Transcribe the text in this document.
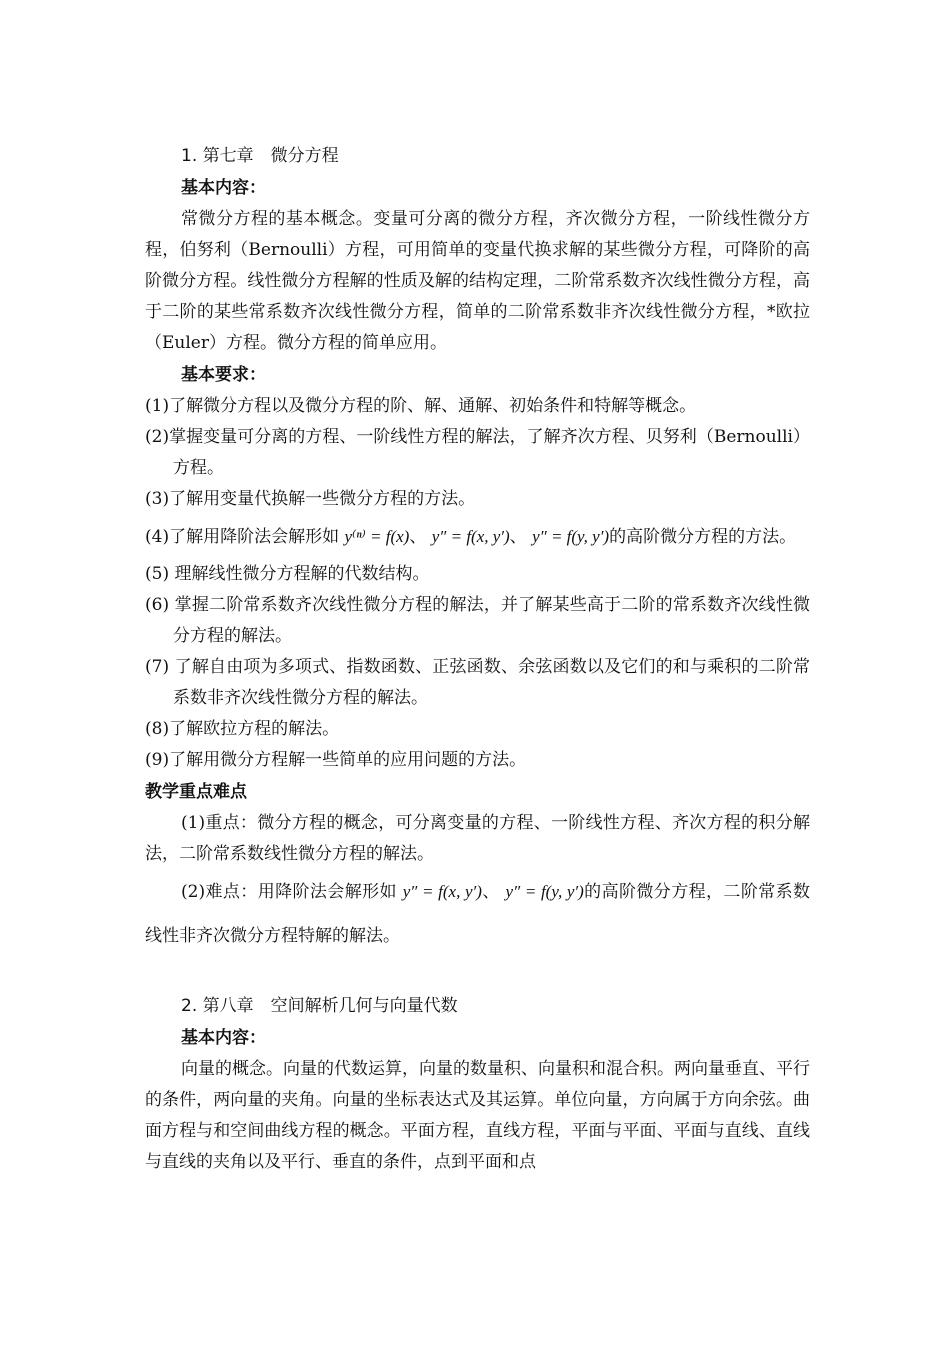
1. 第七章　微分方程
基本内容：
常微分方程的基本概念。变量可分离的微分方程，齐次微分方程，一阶线性微分方程，伯努利（Bernoulli）方程，可用简单的变量代换求解的某些微分方程，可降阶的高阶微分方程。线性微分方程解的性质及解的结构定理，二阶常系数齐次线性微分方程，高于二阶的某些常系数齐次线性微分方程，简单的二阶常系数非齐次线性微分方程，*欧拉（Euler）方程。微分方程的简单应用。
基本要求：
(1)了解微分方程以及微分方程的阶、解、通解、初始条件和特解等概念。
(2)掌握变量可分离的方程、一阶线性方程的解法，了解齐次方程、贝努利（Bernoulli）方程。
(3)了解用变量代换解一些微分方程的方法。
(4)了解用降阶法会解形如 y⁽ⁿ⁾ = f(x)、 y″ = f(x, y′)、 y″ = f(y, y′)的高阶微分方程的方法。
(5) 理解线性微分方程解的代数结构。
(6) 掌握二阶常系数齐次线性微分方程的解法，并了解某些高于二阶的常系数齐次线性微分方程的解法。
(7) 了解自由项为多项式、指数函数、正弦函数、余弦函数以及它们的和与乘积的二阶常系数非齐次线性微分方程的解法。
(8)了解欧拉方程的解法。
(9)了解用微分方程解一些简单的应用问题的方法。
教学重点难点
(1)重点：微分方程的概念，可分离变量的方程、一阶线性方程、齐次方程的积分解法，二阶常系数线性微分方程的解法。
(2)难点：用降阶法会解形如 y″ = f(x, y′)、 y″ = f(y, y′)的高阶微分方程，二阶常系数线性非齐次微分方程特解的解法。
2. 第八章　空间解析几何与向量代数
基本内容：
向量的概念。向量的代数运算，向量的数量积、向量积和混合积。两向量垂直、平行的条件，两向量的夹角。向量的坐标表达式及其运算。单位向量，方向属于方向余弦。曲面方程与和空间曲线方程的概念。平面方程，直线方程，平面与平面、平面与直线、直线与直线的夹角以及平行、垂直的条件，点到平面和点
